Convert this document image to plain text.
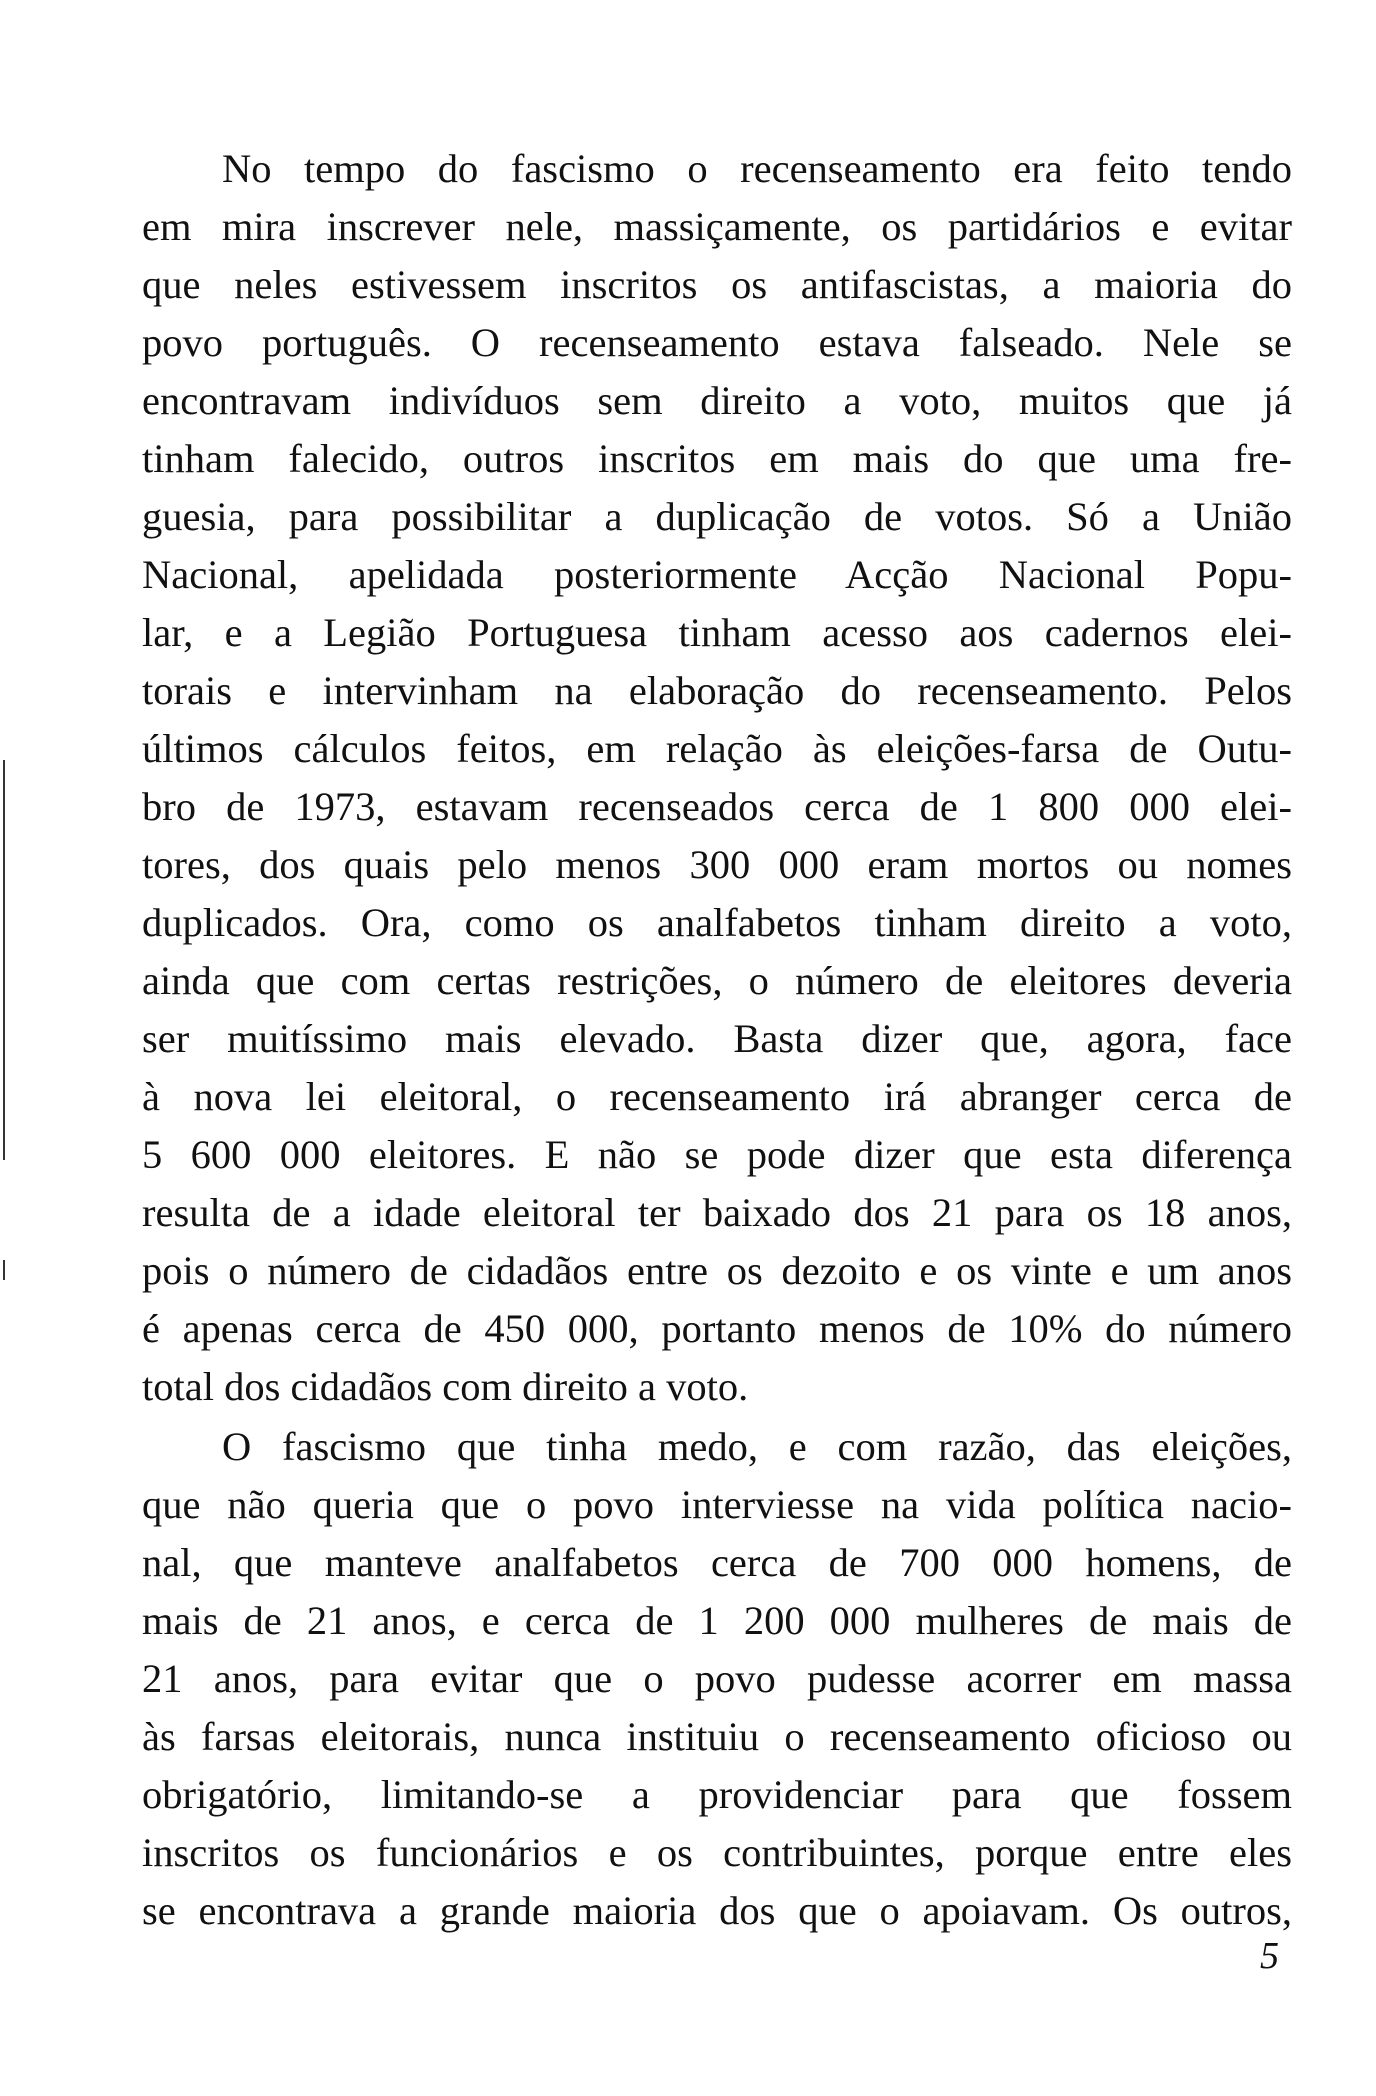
No tempo do fascismo o recenseamento era feito tendo
em mira inscrever nele, massiçamente, os partidários e evitar
que neles estivessem inscritos os antifascistas, a maioria do
povo português. O recenseamento estava falseado. Nele se
encontravam indivíduos sem direito a voto, muitos que já
tinham falecido, outros inscritos em mais do que uma fre-
guesia, para possibilitar a duplicação de votos. Só a União
Nacional, apelidada posteriormente Acção Nacional Popu-
lar, e a Legião Portuguesa tinham acesso aos cadernos elei-
torais e intervinham na elaboração do recenseamento. Pelos
últimos cálculos feitos, em relação às eleições-farsa de Outu-
bro de 1973, estavam recenseados cerca de 1 800 000 elei-
tores, dos quais pelo menos 300 000 eram mortos ou nomes
duplicados. Ora, como os analfabetos tinham direito a voto,
ainda que com certas restrições, o número de eleitores deveria
ser muitíssimo mais elevado. Basta dizer que, agora, face
à nova lei eleitoral, o recenseamento irá abranger cerca de
5 600 000 eleitores. E não se pode dizer que esta diferença
resulta de a idade eleitoral ter baixado dos 21 para os 18 anos,
pois o número de cidadãos entre os dezoito e os vinte e um anos
é apenas cerca de 450 000, portanto menos de 10% do número
total dos cidadãos com direito a voto.

O fascismo que tinha medo, e com razão, das eleições,
que não queria que o povo interviesse na vida política nacio-
nal, que manteve analfabetos cerca de 700 000 homens, de
mais de 21 anos, e cerca de 1 200 000 mulheres de mais de
21 anos, para evitar que o povo pudesse acorrer em massa
às farsas eleitorais, nunca instituiu o recenseamento oficioso ou
obrigatório, limitando-se a providenciar para que fossem
inscritos os funcionários e os contribuintes, porque entre eles
se encontrava a grande maioria dos que o apoiavam. Os outros,

5
